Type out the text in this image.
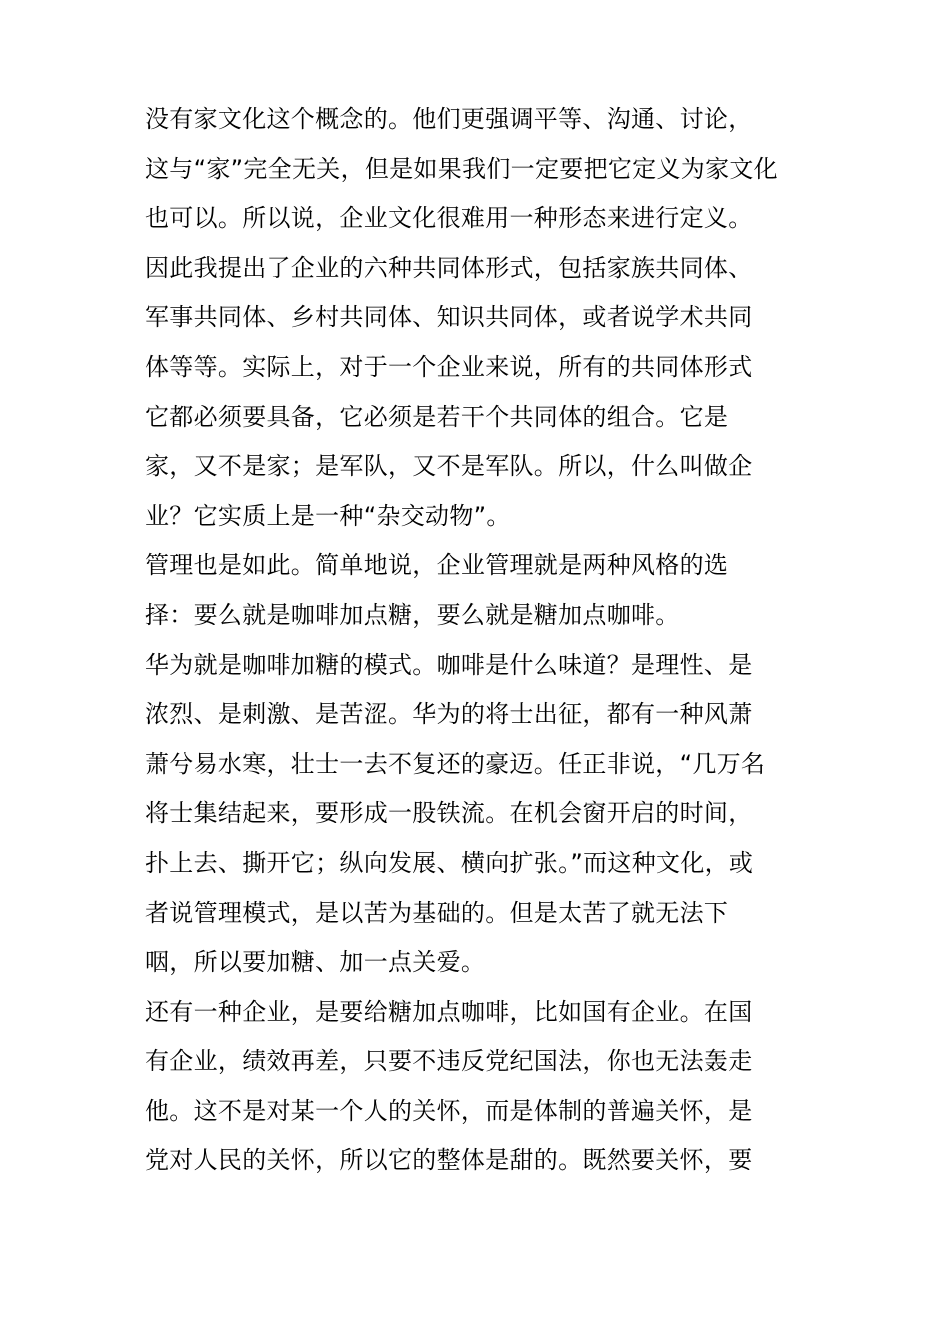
没有家文化这个概念的。他们更强调平等、沟通、讨论，
这与“家”完全无关，但是如果我们一定要把它定义为家文化
也可以。所以说，企业文化很难用一种形态来进行定义。
因此我提出了企业的六种共同体形式，包括家族共同体、
军事共同体、乡村共同体、知识共同体，或者说学术共同
体等等。实际上，对于一个企业来说，所有的共同体形式
它都必须要具备，它必须是若干个共同体的组合。它是
家，又不是家；是军队，又不是军队。所以，什么叫做企
业？它实质上是一种“杂交动物”。
管理也是如此。简单地说，企业管理就是两种风格的选
择：要么就是咖啡加点糖，要么就是糖加点咖啡。
华为就是咖啡加糖的模式。咖啡是什么味道？是理性、是
浓烈、是刺激、是苦涩。华为的将士出征，都有一种风萧
萧兮易水寒，壮士一去不复还的豪迈。任正非说，“几万名
将士集结起来，要形成一股铁流。在机会窗开启的时间，
扑上去、撕开它；纵向发展、横向扩张。”而这种文化，或
者说管理模式，是以苦为基础的。但是太苦了就无法下
咽，所以要加糖、加一点关爱。
还有一种企业，是要给糖加点咖啡，比如国有企业。在国
有企业，绩效再差，只要不违反党纪国法，你也无法轰走
他。这不是对某一个人的关怀，而是体制的普遍关怀，是
党对人民的关怀，所以它的整体是甜的。既然要关怀，要
